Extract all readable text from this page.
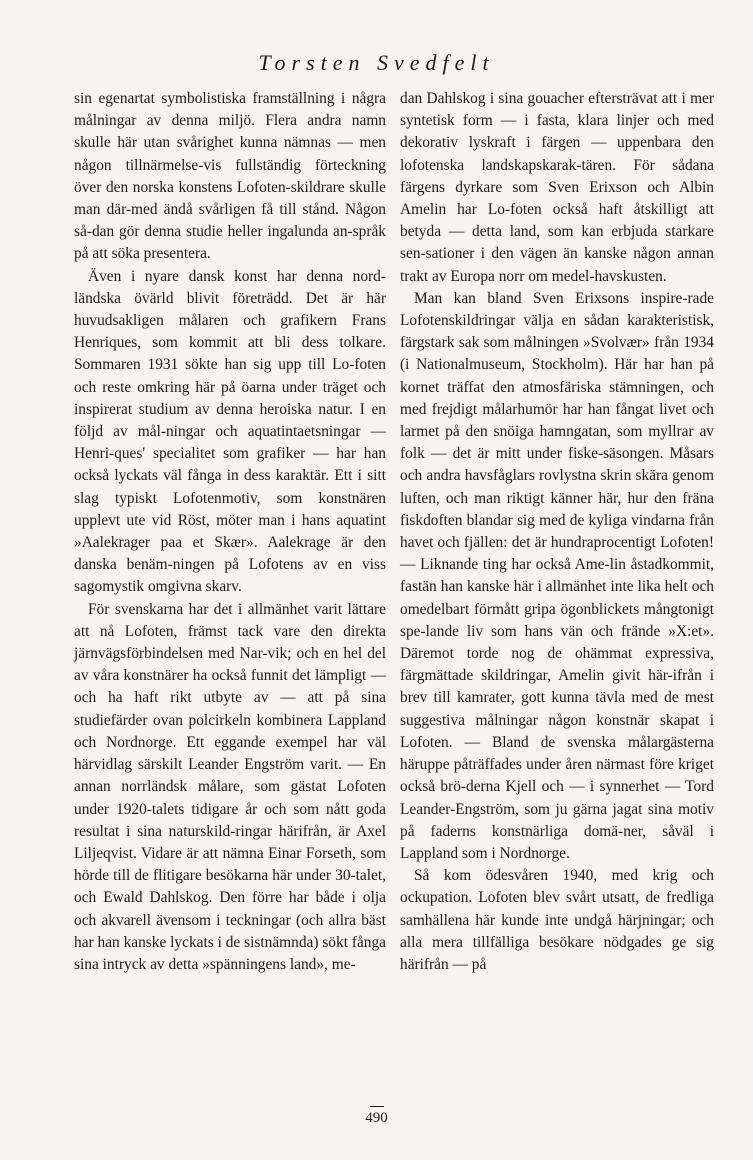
Torsten Svedfelt

sin egenartat symbolistiska framställning i några målningar av denna miljö. Flera andra namn skulle här utan svårighet kunna nämnas — men någon tillnärmelse-vis fullständig förteckning över den norska konstens Lofoten-skildrare skulle man där-med ändå svårligen få till stånd. Någon så-dan gör denna studie heller ingalunda an-språk på att söka presentera.

Även i nyare dansk konst har denna nord-ländska övärld blivit företrädd. Det är här huvudsakligen målaren och grafikern Frans Henriques, som kommit att bli dess tolkare. Sommaren 1931 sökte han sig upp till Lo-foten och reste omkring här på öarna under träget och inspirerat studium av denna heroiska natur. I en följd av mål-ningar och aquatintaetsningar — Henri-ques' specialitet som grafiker — har han också lyckats väl fånga in dess karaktär. Ett i sitt slag typiskt Lofotenmotiv, som konstnären upplevt ute vid Röst, möter man i hans aquatint »Aalekrager paa et Skær». Aalekrage är den danska benäm-ningen på Lofotens av en viss sagomystik omgivna skarv.

För svenskarna har det i allmänhet varit lättare att nå Lofoten, främst tack vare den direkta järnvägsförbindelsen med Nar-vik; och en hel del av våra konstnärer ha också funnit det lämpligt — och ha haft rikt utbyte av — att på sina studiefärder ovan polcirkeln kombinera Lappland och Nordnorge. Ett eggande exempel har väl härvidlag särskilt Leander Engström varit. — En annan norrländsk målare, som gästat Lofoten under 1920-talets tidigare år och som nått goda resultat i sina naturskild-ringar härifrån, är Axel Liljeqvist. Vidare är att nämna Einar Forseth, som hörde till de flitigare besökarna här under 30-talet, och Ewald Dahlskog. Den förre har både i olja och akvarell ävensom i teckningar (och allra bäst har han kanske lyckats i de sistnämnda) sökt fånga sina intryck av detta »spänningens land», me-

dan Dahlskog i sina gouacher eftersträvat att i mer syntetisk form — i fasta, klara linjer och med dekorativ lyskraft i färgen — uppenbara den lofotenska landskapskarak-tären. För sådana färgens dyrkare som Sven Erixson och Albin Amelin har Lo-foten också haft åtskilligt att betyda — detta land, som kan erbjuda starkare sen-sationer i den vägen än kanske någon annan trakt av Europa norr om medel-havskusten.

Man kan bland Sven Erixsons inspire-rade Lofotenskildringar välja en sådan karakteristisk, färgstark sak som målningen »Svolvær» från 1934 (i Nationalmuseum, Stockholm). Här har han på kornet träffat den atmosfäriska stämningen, och med frejdigt målarhumör har han fångat livet och larmet på den snöiga hamngatan, som myllrar av folk — det är mitt under fiske-säsongen. Måsars och andra havsfåglars rovlystna skrin skära genom luften, och man riktigt känner här, hur den fräna fiskdoften blandar sig med de kyliga vindarna från havet och fjällen: det är hundraprocentigt Lofoten! — Liknande ting har också Ame-lin åstadkommit, fastän han kanske här i allmänhet inte lika helt och omedelbart förmått gripa ögonblickets mångtonigt spe-lande liv som hans vän och frände »X:et». Däremot torde nog de ohämmat expressiva, färgmättade skildringar, Amelin givit här-ifrån i brev till kamrater, gott kunna tävla med de mest suggestiva målningar någon konstnär skapat i Lofoten. — Bland de svenska målargästerna häruppe påträffades under åren närmast före kriget också brö-derna Kjell och — i synnerhet — Tord Leander-Engström, som ju gärna jagat sina motiv på faderns konstnärliga domä-ner, såväl i Lappland som i Nordnorge.

Så kom ödesvåren 1940, med krig och ockupation. Lofoten blev svårt utsatt, de fredliga samhällena här kunde inte undgå härjningar; och alla mera tillfälliga besökare nödgades ge sig härifrån — på

490
